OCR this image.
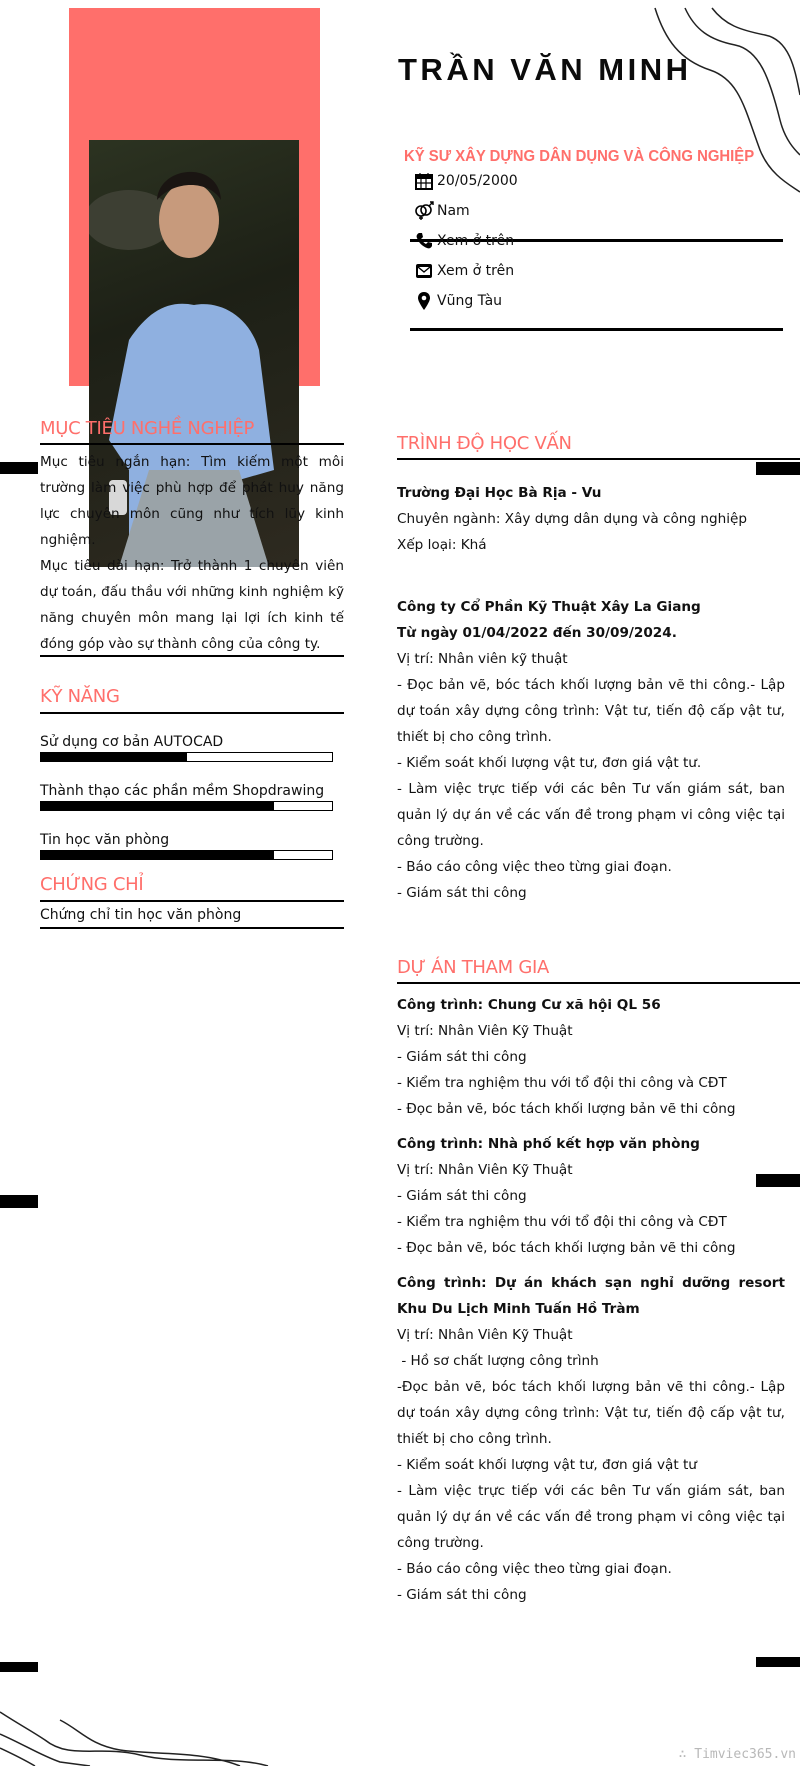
TRẦN VĂN MINH
KỸ SƯ XÂY DỰNG DÂN DỤNG VÀ CÔNG NGHIỆP
20/05/2000
Nam
Xem ở trên
Xem ở trên
Vũng Tàu
MỤC TIÊU NGHỀ NGHIỆP

Mục tiêu ngắn hạn: Tìm kiếm một môi trường làm việc phù hợp để phát huy năng lực chuyên môn cũng như tích lũy kinh nghiệm.

Mục tiêu dài hạn: Trở thành 1 chuyên viên dự toán, đấu thầu với những kinh nghiệm kỹ năng chuyên môn mang lại lợi ích kinh tế đóng góp vào sự thành công của công ty.

KỸ NĂNG
Sử dụng cơ bản AUTOCAD
Thành thạo các phần mềm Shopdrawing
Tin học văn phòng
CHỨNG CHỈ
Chứng chỉ tin học văn phòng
TRÌNH ĐỘ HỌC VẤN

Trường Đại Học Bà Rịa - Vu

Chuyên ngành: Xây dựng dân dụng và công nghiệp

Xếp loại: Khá

Công ty Cổ Phần Kỹ Thuật Xây La Giang

Từ ngày 01/04/2022 đến 30/09/2024.

Vị trí: Nhân viên kỹ thuật

- Đọc bản vẽ, bóc tách khối lượng bản vẽ thi công.- Lập dự toán xây dựng công trình: Vật tư, tiến độ cấp vật tư, thiết bị cho công trình.

- Kiểm soát khối lượng vật tư, đơn giá vật tư.

- Làm việc trực tiếp với các bên Tư vấn giám sát, ban quản lý dự án về các vấn đề trong phạm vi công việc tại công trường.

- Báo cáo công việc theo từng giai đoạn.

- Giám sát thi công

DỰ ÁN THAM GIA

Công trình: Chung Cư xã hội QL 56

Vị trí: Nhân Viên Kỹ Thuật

- Giám sát thi công

- Kiểm tra nghiệm thu với tổ đội thi công và CĐT

- Đọc bản vẽ, bóc tách khối lượng bản vẽ thi công

Công trình: Nhà phố kết hợp văn phòng

Vị trí: Nhân Viên Kỹ Thuật

- Giám sát thi công

- Kiểm tra nghiệm thu với tổ đội thi công và CĐT

- Đọc bản vẽ, bóc tách khối lượng bản vẽ thi công

Công trình: Dự án khách sạn nghỉ dưỡng resort Khu Du Lịch Minh Tuấn Hồ Tràm

Vị trí: Nhân Viên Kỹ Thuật

- Hồ sơ chất lượng công trình

-Đọc bản vẽ, bóc tách khối lượng bản vẽ thi công.- Lập dự toán xây dựng công trình: Vật tư, tiến độ cấp vật tư, thiết bị cho công trình.

- Kiểm soát khối lượng vật tư, đơn giá vật tư

- Làm việc trực tiếp với các bên Tư vấn giám sát, ban quản lý dự án về các vấn đề trong phạm vi công việc tại công trường.

- Báo cáo công việc theo từng giai đoạn.

- Giám sát thi công

∴ Timviec365.vn
